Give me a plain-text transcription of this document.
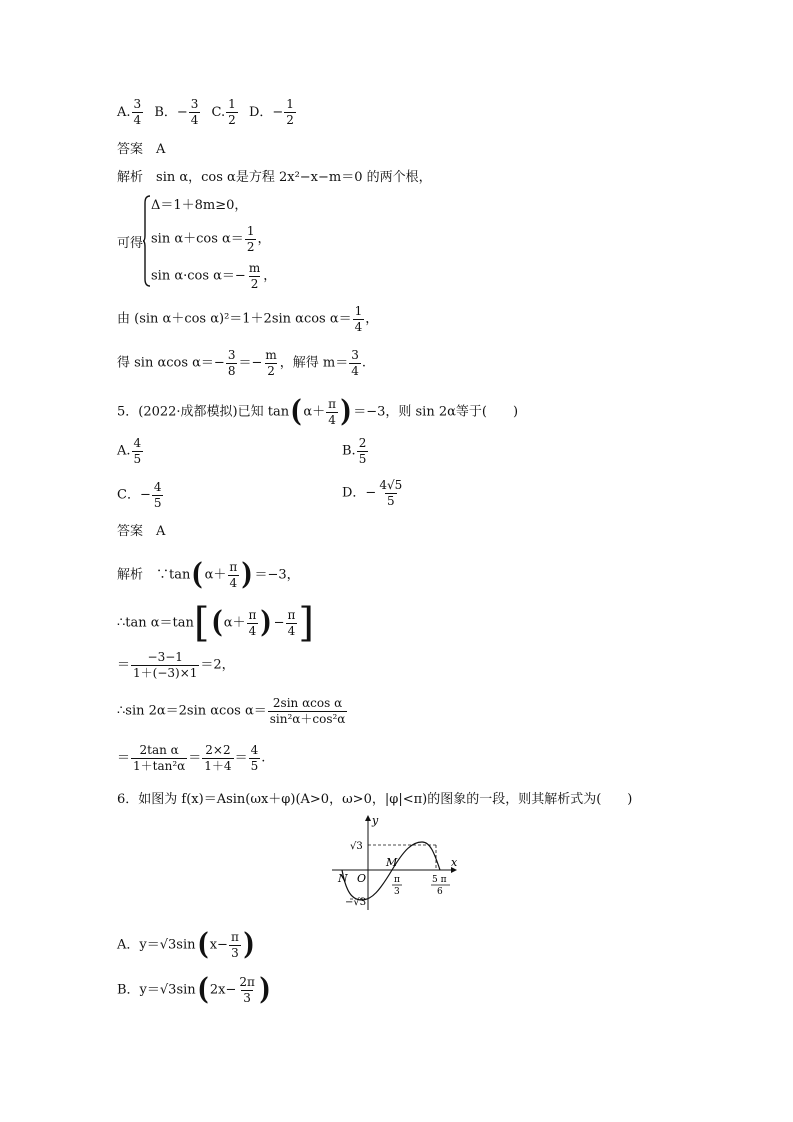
A. $\frac{3}{4}$ B．− $\frac{3}{4} C$. $\frac{1}{2}$ D．− $\frac{1}{2}$
答案　A
解析　 sin α，cos α是方程 2x²−x−m＝0 的两个根，
可得
Δ＝1＋8m≥0，
sin α＋cos $\alpha= \frac{1}{2}$ ，
sin α·cos $\alpha=- \frac{m}{2}$ ，
由 (sin α＋cos α)²＝1＋2sin αcos $\alpha= \frac{1}{4}$ ，
得 sin αcos $\alpha=- \frac{3}{8} =- \frac{m}{2}$ ，解得 $m= \frac{3}{4}$ .
5．(2022·成都模拟)已知 $\tan(\alpha+ \frac{\pi}{4} )=-3$，则 sin 2α等于(　　)
A. $\frac{4}{5}$	B. $\frac{2}{5}$
C．− $\frac{4}{5}$	D．− $\frac{4√5}{5}$
答案　A
解析　 ∵tan(α＋ $\frac{\pi}{4} )=-3$，
∴tan $\alpha=\tan[(\alpha+ \frac{\pi}{4}$ )− $\frac{\pi}{4}$ ]
＝ $\frac{-3-1}{1+(-3)\times 1} =2$，
∴sin 2α＝2sin αcos $\alpha= \frac{\text{2sin αcos α}}{\text{sin²α＋cos²α}}$
＝ $\frac{\text{2tan α}}{\text{1＋tan²α}} = \frac{2\times 2}{1+4} = \frac{4}{5}$ .
6．如图为 f(x)＝Asin(ωx＋φ)(A>0，ω>0，|φ|<π)的图象的一段，则其解析式为(　　)
y
x
√3
−√3
O
N
M
π
3
5 π
6
A．$y=√3\sin(x- \frac{\pi}{3}$ )
B．$y=√3\sin(2x- \frac{2\pi}{3}$ )
